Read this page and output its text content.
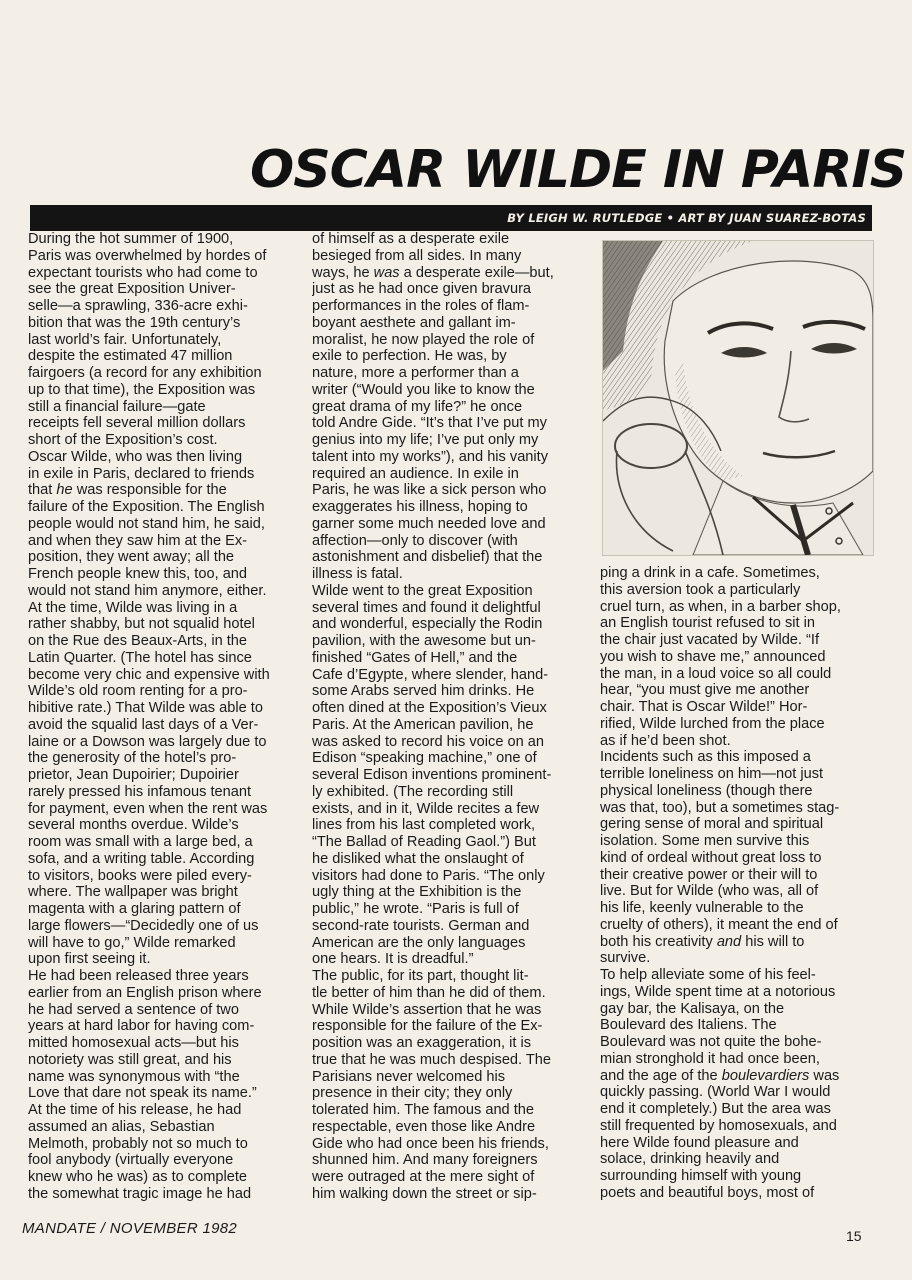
OSCAR WILDE IN PARIS
BY LEIGH W. RUTLEDGE • ART BY JUAN SUAREZ-BOTAS
During the hot summer of 1900,
Paris was overwhelmed by hordes of
expectant tourists who had come to
see the great Exposition Univer-
selle—a sprawling, 336-acre exhi-
bition that was the 19th century’s
last world’s fair. Unfortunately,
despite the estimated 47 million
fairgoers (a record for any exhibition
up to that time), the Exposition was
still a financial failure—gate
receipts fell several million dollars
short of the Exposition’s cost.
Oscar Wilde, who was then living
in exile in Paris, declared to friends
that he was responsible for the
failure of the Exposition. The English
people would not stand him, he said,
and when they saw him at the Ex-
position, they went away; all the
French people knew this, too, and
would not stand him anymore, either.
At the time, Wilde was living in a
rather shabby, but not squalid hotel
on the Rue des Beaux-Arts, in the
Latin Quarter. (The hotel has since
become very chic and expensive with
Wilde’s old room renting for a pro-
hibitive rate.) That Wilde was able to
avoid the squalid last days of a Ver-
laine or a Dowson was largely due to
the generosity of the hotel’s pro-
prietor, Jean Dupoirier; Dupoirier
rarely pressed his infamous tenant
for payment, even when the rent was
several months overdue. Wilde’s
room was small with a large bed, a
sofa, and a writing table. According
to visitors, books were piled every-
where. The wallpaper was bright
magenta with a glaring pattern of
large flowers—“Decidedly one of us
will have to go,” Wilde remarked
upon first seeing it.
He had been released three years
earlier from an English prison where
he had served a sentence of two
years at hard labor for having com-
mitted homosexual acts—but his
notoriety was still great, and his
name was synonymous with “the
Love that dare not speak its name.”
At the time of his release, he had
assumed an alias, Sebastian
Melmoth, probably not so much to
fool anybody (virtually everyone
knew who he was) as to complete
the somewhat tragic image he had
of himself as a desperate exile
besieged from all sides. In many
ways, he was a desperate exile—but,
just as he had once given bravura
performances in the roles of flam-
boyant aesthete and gallant im-
moralist, he now played the role of
exile to perfection. He was, by
nature, more a performer than a
writer (“Would you like to know the
great drama of my life?” he once
told Andre Gide. “It’s that I’ve put my
genius into my life; I’ve put only my
talent into my works”), and his vanity
required an audience. In exile in
Paris, he was like a sick person who
exaggerates his illness, hoping to
garner some much needed love and
affection—only to discover (with
astonishment and disbelief) that the
illness is fatal.
Wilde went to the great Exposition
several times and found it delightful
and wonderful, especially the Rodin
pavilion, with the awesome but un-
finished “Gates of Hell,” and the
Cafe d’Egypte, where slender, hand-
some Arabs served him drinks. He
often dined at the Exposition’s Vieux
Paris. At the American pavilion, he
was asked to record his voice on an
Edison “speaking machine,” one of
several Edison inventions prominent-
ly exhibited. (The recording still
exists, and in it, Wilde recites a few
lines from his last completed work,
“The Ballad of Reading Gaol.”) But
he disliked what the onslaught of
visitors had done to Paris. “The only
ugly thing at the Exhibition is the
public,” he wrote. “Paris is full of
second-rate tourists. German and
American are the only languages
one hears. It is dreadful.”
The public, for its part, thought lit-
tle better of him than he did of them.
While Wilde’s assertion that he was
responsible for the failure of the Ex-
position was an exaggeration, it is
true that he was much despised. The
Parisians never welcomed his
presence in their city; they only
tolerated him. The famous and the
respectable, even those like Andre
Gide who had once been his friends,
shunned him. And many foreigners
were outraged at the mere sight of
him walking down the street or sip-
ping a drink in a cafe. Sometimes,
this aversion took a particularly
cruel turn, as when, in a barber shop,
an English tourist refused to sit in
the chair just vacated by Wilde. “If
you wish to shave me,” announced
the man, in a loud voice so all could
hear, “you must give me another
chair. That is Oscar Wilde!” Hor-
rified, Wilde lurched from the place
as if he’d been shot.
Incidents such as this imposed a
terrible loneliness on him—not just
physical loneliness (though there
was that, too), but a sometimes stag-
gering sense of moral and spiritual
isolation. Some men survive this
kind of ordeal without great loss to
their creative power or their will to
live. But for Wilde (who was, all of
his life, keenly vulnerable to the
cruelty of others), it meant the end of
both his creativity and his will to
survive.
To help alleviate some of his feel-
ings, Wilde spent time at a notorious
gay bar, the Kalisaya, on the
Boulevard des Italiens. The
Boulevard was not quite the bohe-
mian stronghold it had once been,
and the age of the boulevardiers was
quickly passing. (World War I would
end it completely.) But the area was
still frequented by homosexuals, and
here Wilde found pleasure and
solace, drinking heavily and
surrounding himself with young
poets and beautiful boys, most of
MANDATE / NOVEMBER 1982	15
